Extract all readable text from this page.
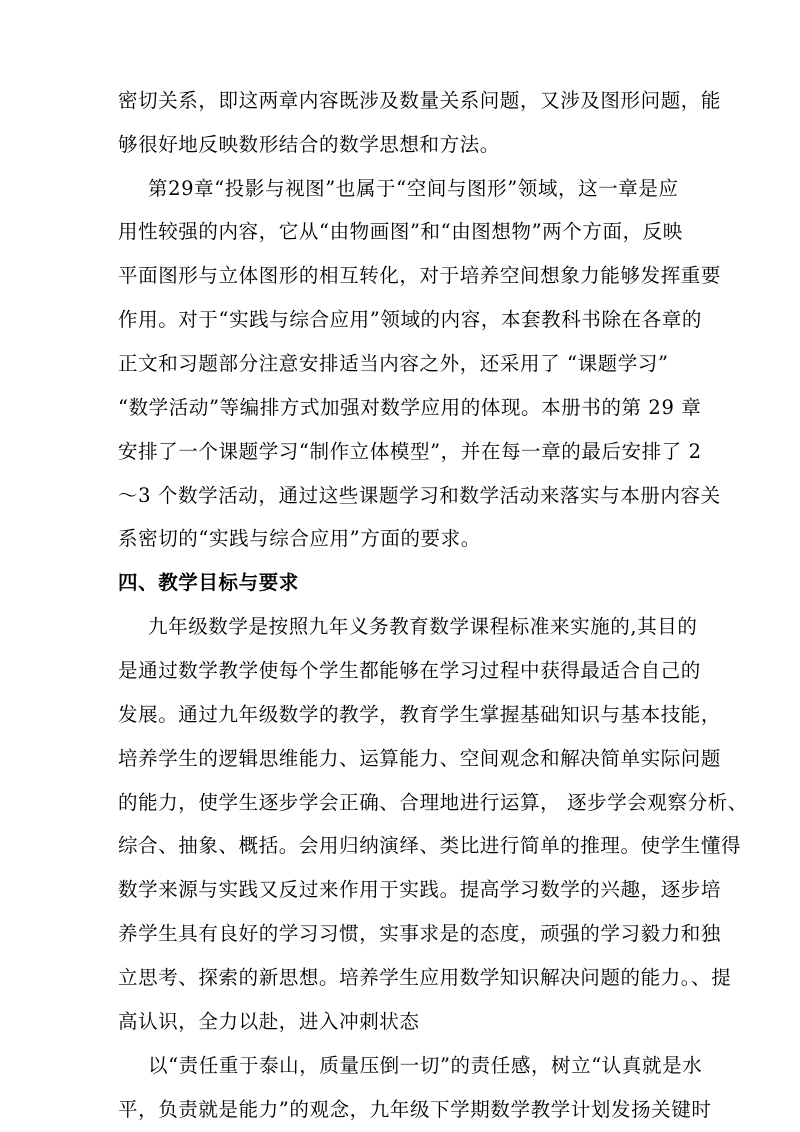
密切关系，即这两章内容既涉及数量关系问题，又涉及图形问题，能
够很好地反映数形结合的数学思想和方法。
第29章“投影与视图”也属于“空间与图形”领域，这一章是应
用性较强的内容，它从“由物画图”和“由图想物”两个方面，反映
平面图形与立体图形的相互转化，对于培养空间想象力能够发挥重要
作用。对于“实践与综合应用”领域的内容，本套教科书除在各章的
正文和习题部分注意安排适当内容之外，还采用了 “课题学习”
“数学活动”等编排方式加强对数学应用的体现。本册书的第 29 章
安排了一个课题学习“制作立体模型”，并在每一章的最后安排了 2
～3 个数学活动，通过这些课题学习和数学活动来落实与本册内容关
系密切的“实践与综合应用”方面的要求。
四、教学目标与要求
九年级数学是按照九年义务教育数学课程标准来实施的,其目的
是通过数学教学使每个学生都能够在学习过程中获得最适合自己的
发展。通过九年级数学的教学，教育学生掌握基础知识与基本技能，
培养学生的逻辑思维能力、运算能力、空间观念和解决简单实际问题
的能力，使学生逐步学会正确、合理地进行运算， 逐步学会观察分析、
综合、抽象、概括。会用归纳演绎、类比进行简单的推理。使学生懂得
数学来源与实践又反过来作用于实践。提高学习数学的兴趣，逐步培
养学生具有良好的学习习惯，实事求是的态度，顽强的学习毅力和独
立思考、探索的新思想。培养学生应用数学知识解决问题的能力。、提
高认识，全力以赴，进入冲刺状态
以“责任重于泰山，质量压倒一切”的责任感，树立“认真就是水
平，负责就是能力”的观念，九年级下学期数学教学计划发扬关键时
